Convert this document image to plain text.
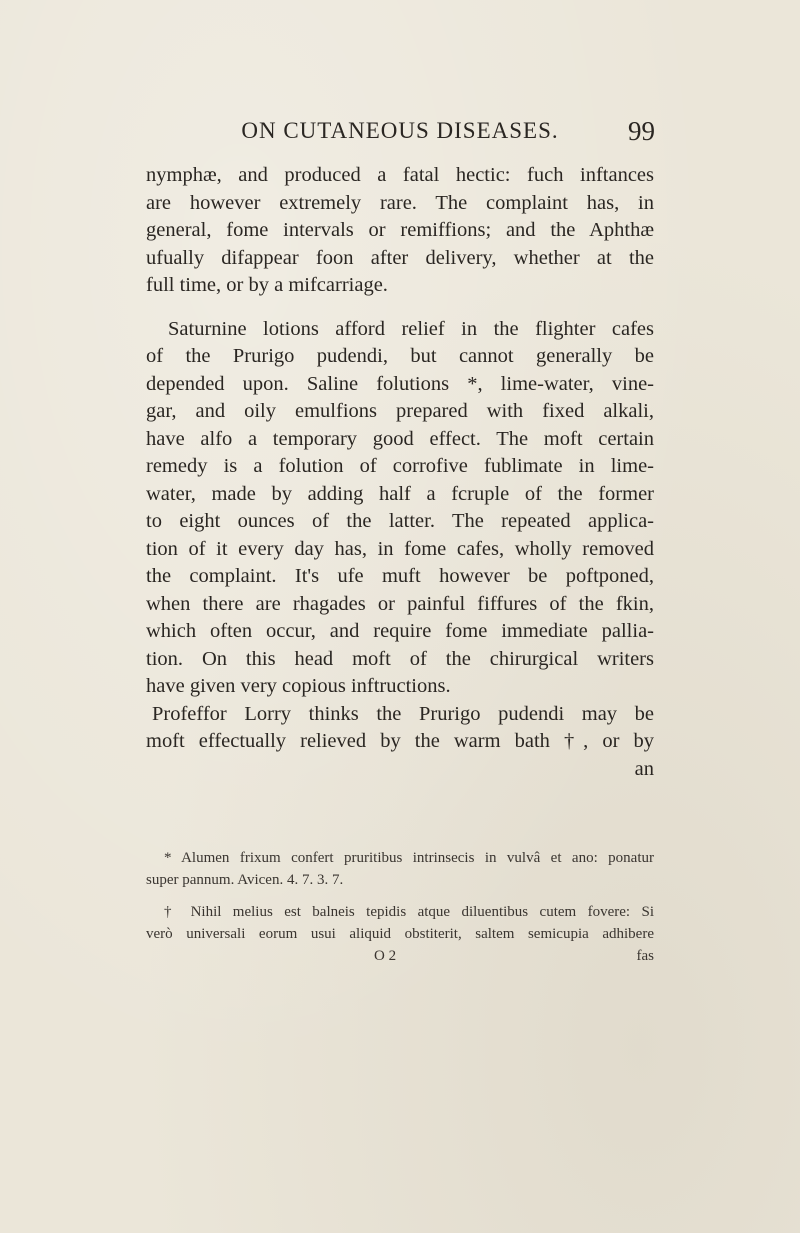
ON CUTANEOUS DISEASES.	99
nymphæ, and produced a fatal hectic: fuch inftances
are however extremely rare. The complaint has, in
general, fome intervals or remiffions; and the Aphthæ
ufually difappear foon after delivery, whether at the
full time, or by a mifcarriage.
Saturnine lotions afford relief in the flighter cafes
of the Prurigo pudendi, but cannot generally be
depended upon. Saline folutions *, lime-water, vine-
gar, and oily emulfions prepared with fixed alkali,
have alfo a temporary good effect. The moft certain
remedy is a folution of corrofive fublimate in lime-
water, made by adding half a fcruple of the former
to eight ounces of the latter. The repeated applica-
tion of it every day has, in fome cafes, wholly removed
the complaint. It's ufe muft however be poftponed,
when there are rhagades or painful fiffures of the fkin,
which often occur, and require fome immediate pallia-
tion. On this head moft of the chirurgical writers
have given very copious inftructions.
Profeffor Lorry thinks the Prurigo pudendi may be
moft effectually relieved by the warm bath †, or by
an
* Alumen frixum confert pruritibus intrinsecis in vulvâ et ano: ponatur
super pannum. Avicen. 4. 7. 3. 7.
† Nihil melius est balneis tepidis atque diluentibus cutem fovere: Si
verò universali eorum usui aliquid obstiterit, saltem semicupia adhibere
O 2	fas
